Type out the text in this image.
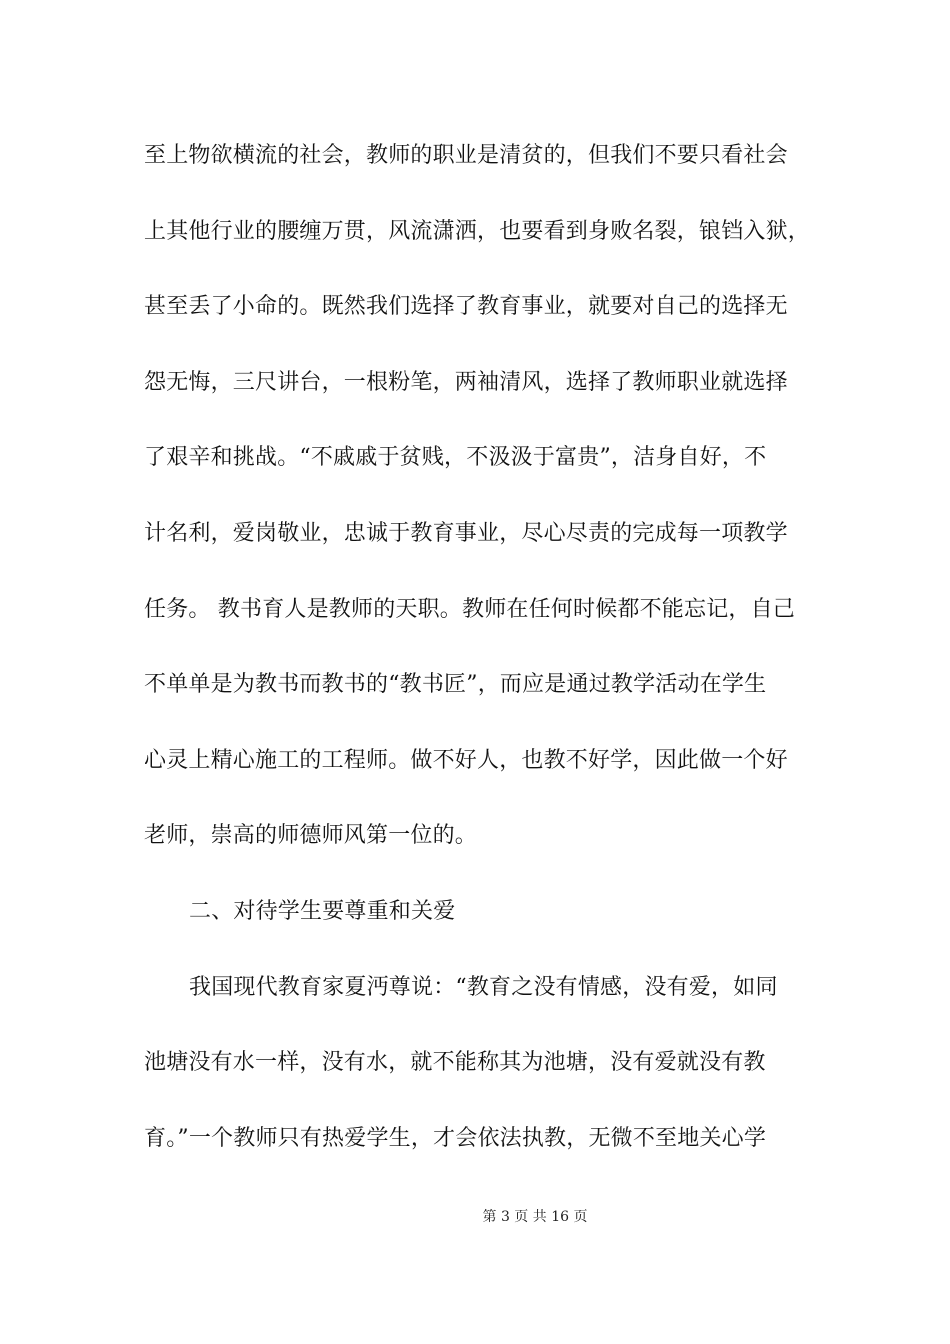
至上物欲横流的社会，教师的职业是清贫的，但我们不要只看社会
上其他行业的腰缠万贯，风流潇洒，也要看到身败名裂，锒铛入狱，
甚至丢了小命的。既然我们选择了教育事业，就要对自己的选择无
怨无悔，三尺讲台，一根粉笔，两袖清风，选择了教师职业就选择
了艰辛和挑战。“不戚戚于贫贱，不汲汲于富贵”，洁身自好，不
计名利，爱岗敬业，忠诚于教育事业，尽心尽责的完成每一项教学
任务。 教书育人是教师的天职。教师在任何时候都不能忘记，自己
不单单是为教书而教书的“教书匠”，而应是通过教学活动在学生
心灵上精心施工的工程师。做不好人，也教不好学，因此做一个好
老师，崇高的师德师风第一位的。
二、对待学生要尊重和关爱
我国现代教育家夏沔尊说：“教育之没有情感，没有爱，如同
池塘没有水一样，没有水，就不能称其为池塘，没有爱就没有教
育。”一个教师只有热爱学生，才会依法执教，无微不至地关心学
第 3 页 共 16 页
